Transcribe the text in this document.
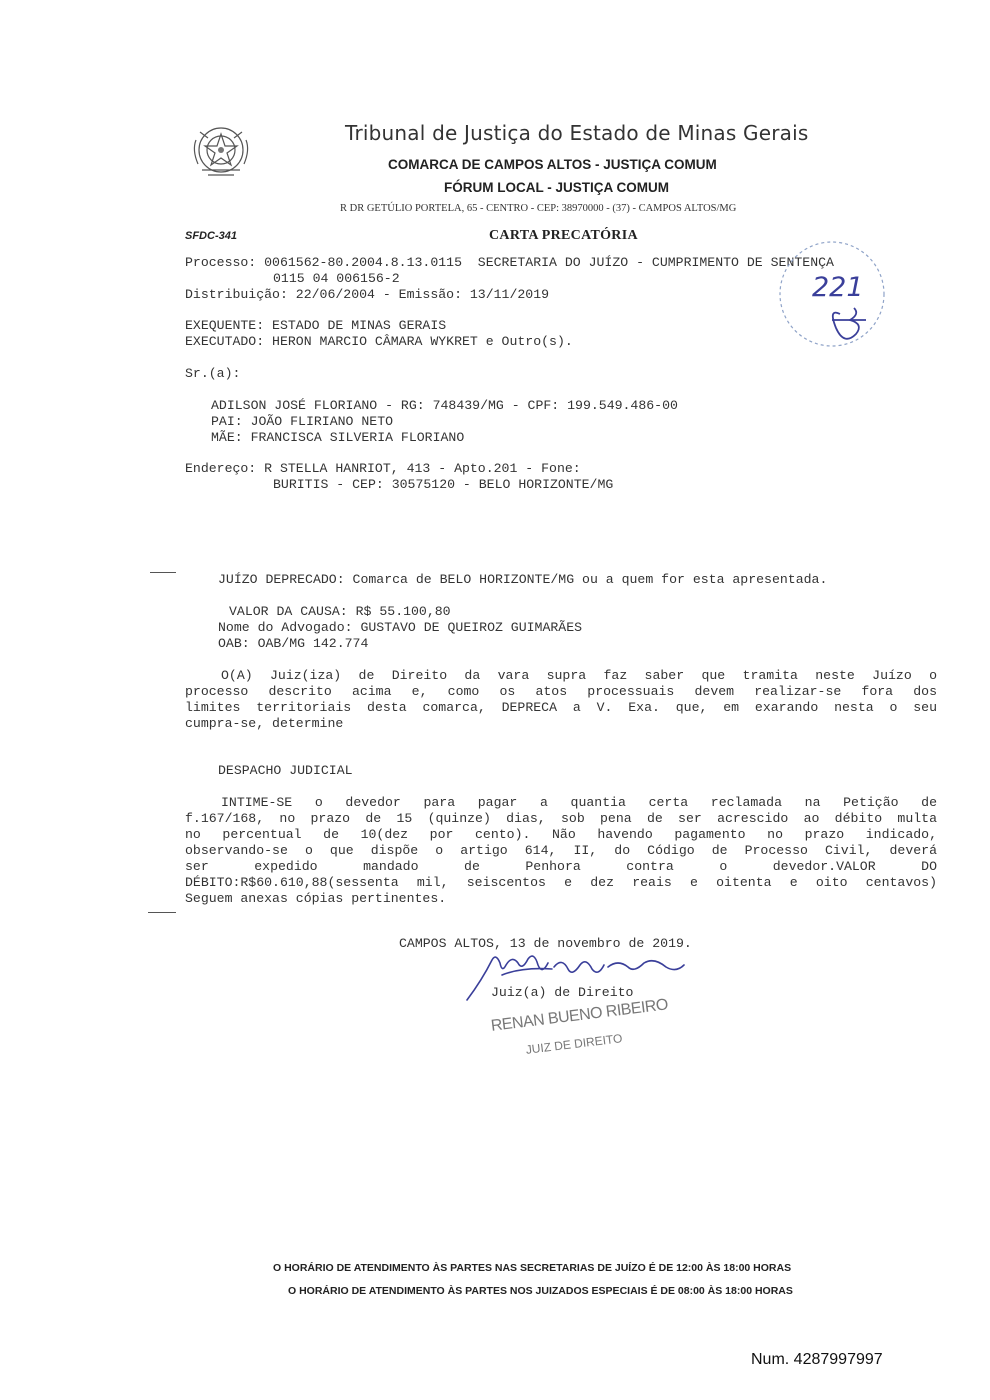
Tribunal de Justiça do Estado de Minas Gerais
COMARCA DE CAMPOS ALTOS - JUSTIÇA COMUM
FÓRUM LOCAL - JUSTIÇA COMUM
R DR GETÚLIO PORTELA, 65 - CENTRO - CEP: 38970000 - (37) - CAMPOS ALTOS/MG
SFDC-341	CARTA PRECATÓRIA
Processo: 0061562-80.2004.8.13.0115  SECRETARIA DO JUÍZO - CUMPRIMENTO DE SENTENÇA
0115 04 006156-2
Distribuição: 22/06/2004 - Emissão: 13/11/2019
EXEQUENTE: ESTADO DE MINAS GERAIS
EXECUTADO: HERON MARCIO CÂMARA WYKRET e Outro(s).
Sr.(a):
ADILSON JOSÉ FLORIANO - RG: 748439/MG - CPF: 199.549.486-00
PAI: JOÃO FLIRIANO NETO
MÃE: FRANCISCA SILVERIA FLORIANO
Endereço: R STELLA HANRIOT, 413 - Apto.201 - Fone:
BURITIS - CEP: 30575120 - BELO HORIZONTE/MG
JUÍZO DEPRECADO: Comarca de BELO HORIZONTE/MG ou a quem for esta apresentada.
VALOR DA CAUSA: R$ 55.100,80
Nome do Advogado: GUSTAVO DE QUEIROZ GUIMARÃES
OAB: OAB/MG 142.774
O(A) Juiz(iza) de Direito da vara supra faz saber que tramita neste Juízo o
processo descrito acima e, como os atos processuais devem realizar-se fora dos
limites territoriais desta comarca, DEPRECA a V. Exa. que, em exarando nesta o seu
cumpra-se, determine
DESPACHO JUDICIAL
INTIME-SE o devedor para pagar a quantia certa reclamada na Petição de
f.167/168, no prazo de 15 (quinze) dias, sob pena de ser acrescido ao débito multa
no percentual de 10(dez por cento). Não havendo pagamento no prazo indicado,
observando-se o que dispõe o artigo 614, II, do Código de Processo Civil, deverá
ser expedido mandado de Penhora contra o devedor.VALOR DO
DÉBITO:R$60.610,88(sessenta mil, seiscentos e dez reais e oitenta e oito centavos)
Seguem anexas cópias pertinentes.
CAMPOS ALTOS, 13 de novembro de 2019.
Juiz(a) de Direito
RENAN BUENO RIBEIRO
JUIZ DE DIREITO
221
O HORÁRIO DE ATENDIMENTO ÀS PARTES NAS SECRETARIAS DE JUÍZO É DE 12:00 ÀS 18:00 HORAS
O HORÁRIO DE ATENDIMENTO ÀS PARTES NOS JUIZADOS ESPECIAIS É DE 08:00 ÀS 18:00 HORAS
Num. 4287997997
